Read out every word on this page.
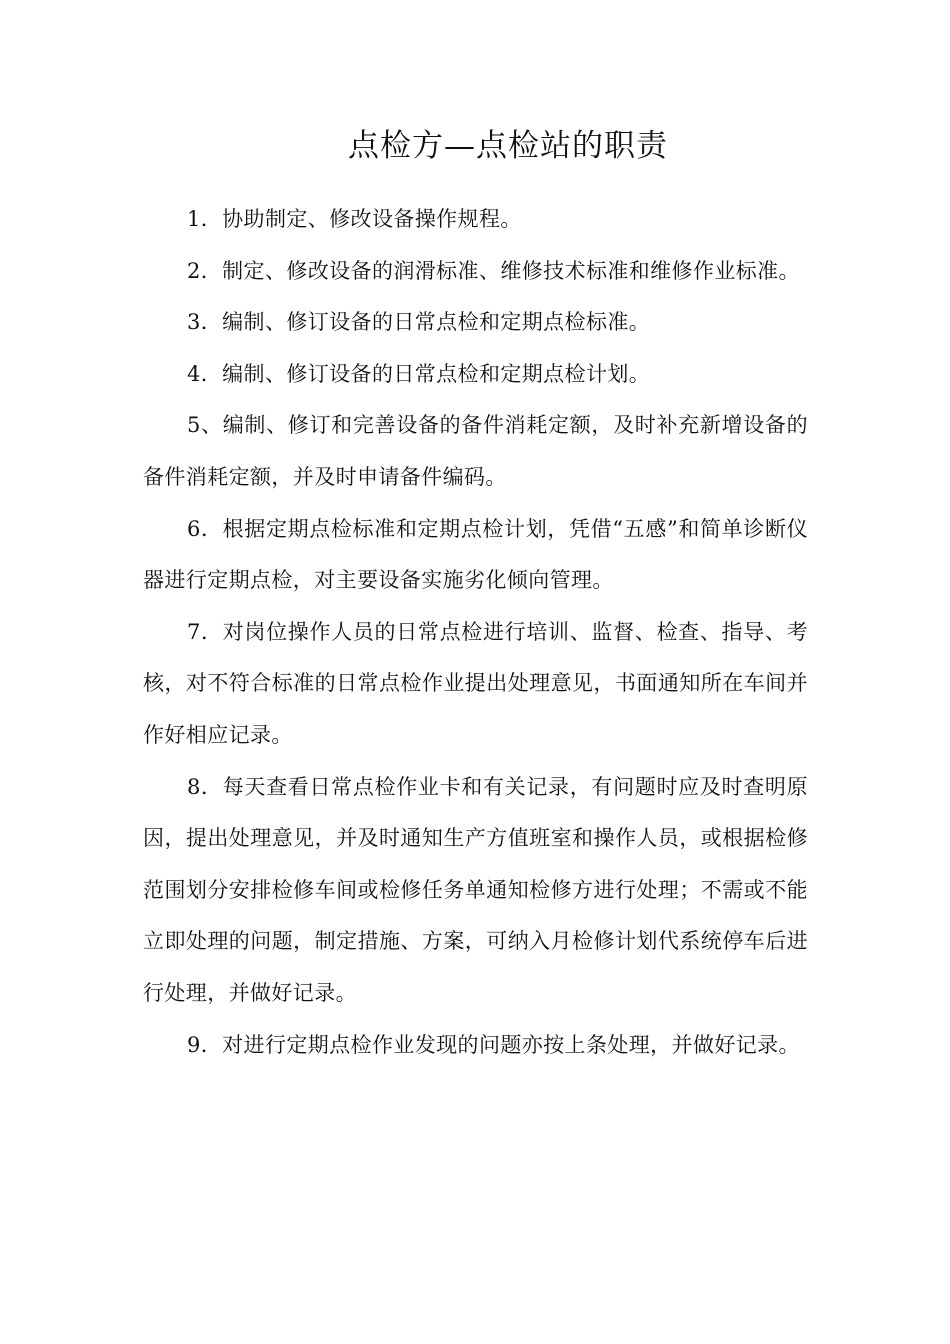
点检方—点检站的职责

1．协助制定、修改设备操作规程。

2．制定、修改设备的润滑标准、维修技术标准和维修作业标准。

3．编制、修订设备的日常点检和定期点检标准。

4．编制、修订设备的日常点检和定期点检计划。

5、编制、修订和完善设备的备件消耗定额，及时补充新增设备的备件消耗定额，并及时申请备件编码。

6．根据定期点检标准和定期点检计划，凭借“五感”和简单诊断仪器进行定期点检，对主要设备实施劣化倾向管理。

7．对岗位操作人员的日常点检进行培训、监督、检查、指导、考核，对不符合标准的日常点检作业提出处理意见，书面通知所在车间并作好相应记录。

8．每天查看日常点检作业卡和有关记录，有问题时应及时查明原因，提出处理意见，并及时通知生产方值班室和操作人员，或根据检修范围划分安排检修车间或检修任务单通知检修方进行处理；不需或不能立即处理的问题，制定措施、方案，可纳入月检修计划代系统停车后进行处理，并做好记录。

9．对进行定期点检作业发现的问题亦按上条处理，并做好记录。
